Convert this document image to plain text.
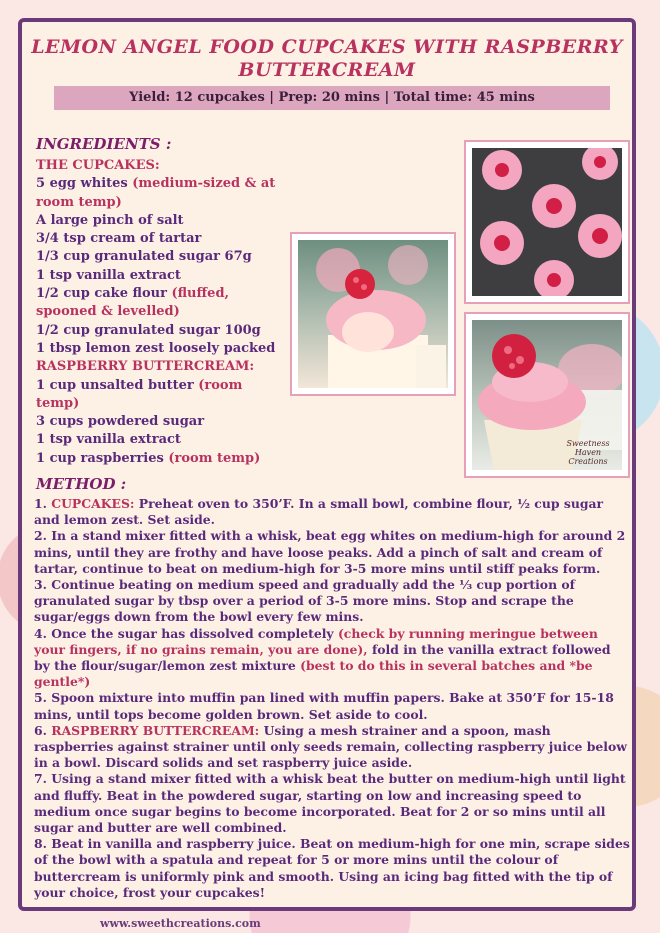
LEMON ANGEL FOOD CUPCAKES WITH RASPBERRY
BUTTERCREAM
Yield: 12 cupcakes | Prep: 20 mins | Total time: 45 mins
INGREDIENTS :
THE CUPCAKES:
5 egg whites (medium-sized & at room temp)
A large pinch of salt
3/4 tsp cream of tartar
1/3 cup granulated sugar 67g
1 tsp vanilla extract
1/2 cup cake flour (fluffed, spooned & levelled)
1/2 cup granulated sugar 100g
1 tbsp lemon zest loosely packed
RASPBERRY BUTTERCREAM:
1 cup unsalted butter (room temp)
3 cups powdered sugar
1 tsp vanilla extract
1 cup raspberries (room temp)
Sweetness Haven Creations
METHOD :

1. CUPCAKES: Preheat oven to 350’F. In a small bowl, combine flour, ½ cup sugar and lemon zest. Set aside.

2. In a stand mixer fitted with a whisk, beat egg whites on medium-high for around 2 mins, until they are frothy and have loose peaks. Add a pinch of salt and cream of tartar, continue to beat on medium-high for 3-5 more mins until stiff peaks form.

3. Continue beating on medium speed and gradually add the ⅓ cup portion of granulated sugar by tbsp over a period of 3-5 more mins. Stop and scrape the sugar/eggs down from the bowl every few mins.

4. Once the sugar has dissolved completely (check by running meringue between your fingers, if no grains remain, you are done), fold in the vanilla extract followed by the flour/sugar/lemon zest mixture (best to do this in several batches and *be gentle*)

5. Spoon mixture into muffin pan lined with muffin papers. Bake at 350’F for 15-18 mins, until tops become golden brown. Set aside to cool.

6. RASPBERRY BUTTERCREAM: Using a mesh strainer and a spoon, mash raspberries against strainer until only seeds remain, collecting raspberry juice below in a bowl. Discard solids and set raspberry juice aside.

7. Using a stand mixer fitted with a whisk beat the butter on medium-high until light and fluffy. Beat in the powdered sugar, starting on low and increasing speed to medium once sugar begins to become incorporated. Beat for 2 or so mins until all sugar and butter are well combined.

8. Beat in vanilla and raspberry juice. Beat on medium-high for one min, scrape sides of the bowl with a spatula and repeat for 5 or more mins until the colour of buttercream is uniformly pink and smooth. Using an icing bag fitted with the tip of your choice, frost your cupcakes!

www.sweethcreations.com
